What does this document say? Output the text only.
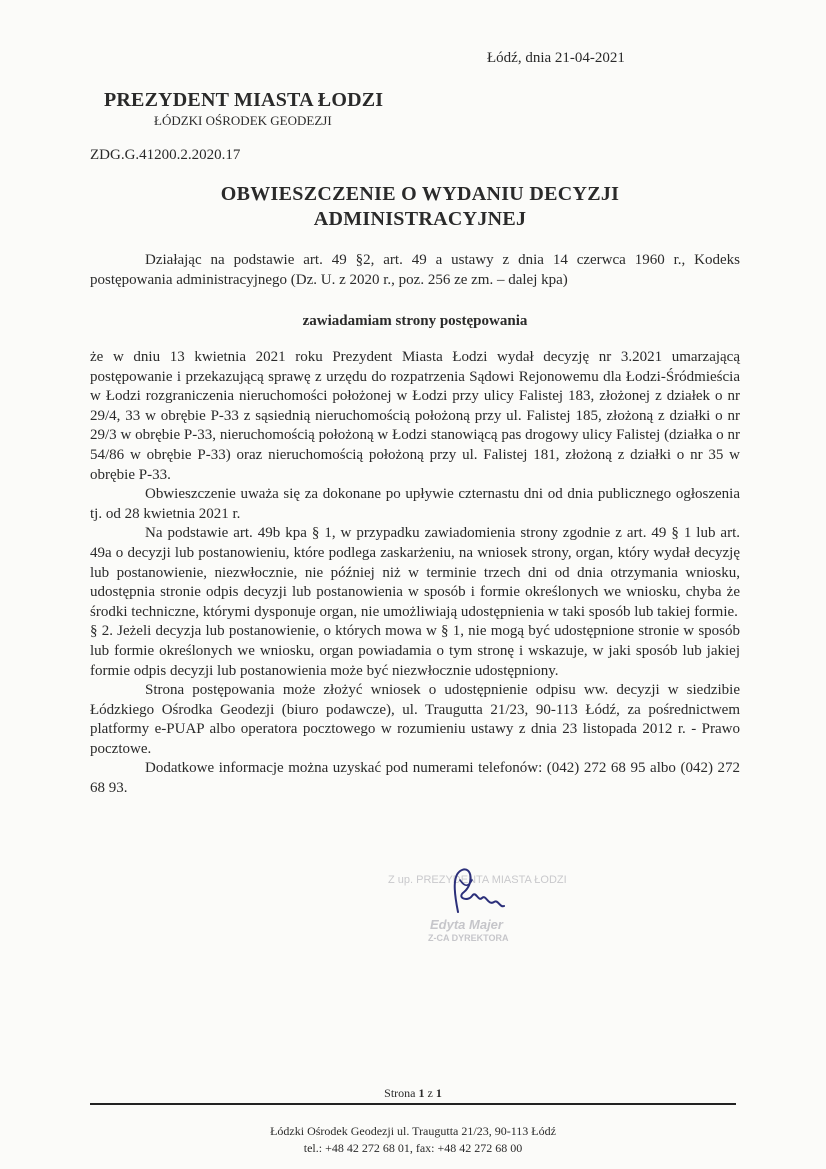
Łódź, dnia 21-04-2021
PREZYDENT MIASTA ŁODZI
ŁÓDZKI OŚRODEK GEODEZJI
ZDG.G.41200.2.2020.17
OBWIESZCZENIE O WYDANIU DECYZJI ADMINISTRACYJNEJ
Działając na podstawie art. 49 §2, art. 49 a ustawy z dnia 14 czerwca 1960 r., Kodeks postępowania administracyjnego (Dz. U. z 2020 r., poz. 256 ze zm. – dalej kpa)
zawiadamiam strony postępowania

że w dniu 13 kwietnia 2021 roku Prezydent Miasta Łodzi wydał decyzję nr 3.2021 umarzającą postępowanie i przekazującą sprawę z urzędu do rozpatrzenia Sądowi Rejonowemu dla Łodzi-Śródmieścia w Łodzi rozgraniczenia nieruchomości położonej w Łodzi przy ulicy Falistej 183, złożonej z działek o nr 29/4, 33 w obrębie P-33 z sąsiednią nieruchomością położoną przy ul. Falistej 185, złożoną z działki o nr 29/3 w obrębie P-33, nieruchomością położoną w Łodzi stanowiącą pas drogowy ulicy Falistej (działka o nr 54/86 w obrębie P-33) oraz nieruchomością położoną przy ul. Falistej 181, złożoną z działki o nr 35 w obrębie P-33.

Obwieszczenie uważa się za dokonane po upływie czternastu dni od dnia publicznego ogłoszenia tj. od 28 kwietnia 2021 r.

Na podstawie art. 49b kpa § 1, w przypadku zawiadomienia strony zgodnie z art. 49 § 1 lub art. 49a o decyzji lub postanowieniu, które podlega zaskarżeniu, na wniosek strony, organ, który wydał decyzję lub postanowienie, niezwłocznie, nie później niż w terminie trzech dni od dnia otrzymania wniosku, udostępnia stronie odpis decyzji lub postanowienia w sposób i formie określonych we wniosku, chyba że środki techniczne, którymi dysponuje organ, nie umożliwiają udostępnienia w taki sposób lub takiej formie.

§ 2. Jeżeli decyzja lub postanowienie, o których mowa w § 1, nie mogą być udostępnione stronie w sposób lub formie określonych we wniosku, organ powiadamia o tym stronę i wskazuje, w jaki sposób lub jakiej formie odpis decyzji lub postanowienia może być niezwłocznie udostępniony.

Strona postępowania może złożyć wniosek o udostępnienie odpisu ww. decyzji w siedzibie Łódzkiego Ośrodka Geodezji (biuro podawcze), ul. Traugutta 21/23, 90-113 Łódź, za pośrednictwem platformy e-PUAP albo operatora pocztowego w rozumieniu ustawy z dnia 23 listopada 2012 r. - Prawo pocztowe.

Dodatkowe informacje można uzyskać pod numerami telefonów: (042) 272 68 95 albo (042) 272 68 93.

Z up. PREZYDENTA MIASTA ŁODZI
Edyta Majer
Z-CA DYREKTORA
Strona 1 z 1
Łódzki Ośrodek Geodezji ul. Traugutta 21/23, 90-113 Łódź
tel.: +48 42 272 68 01, fax: +48 42 272 68 00
